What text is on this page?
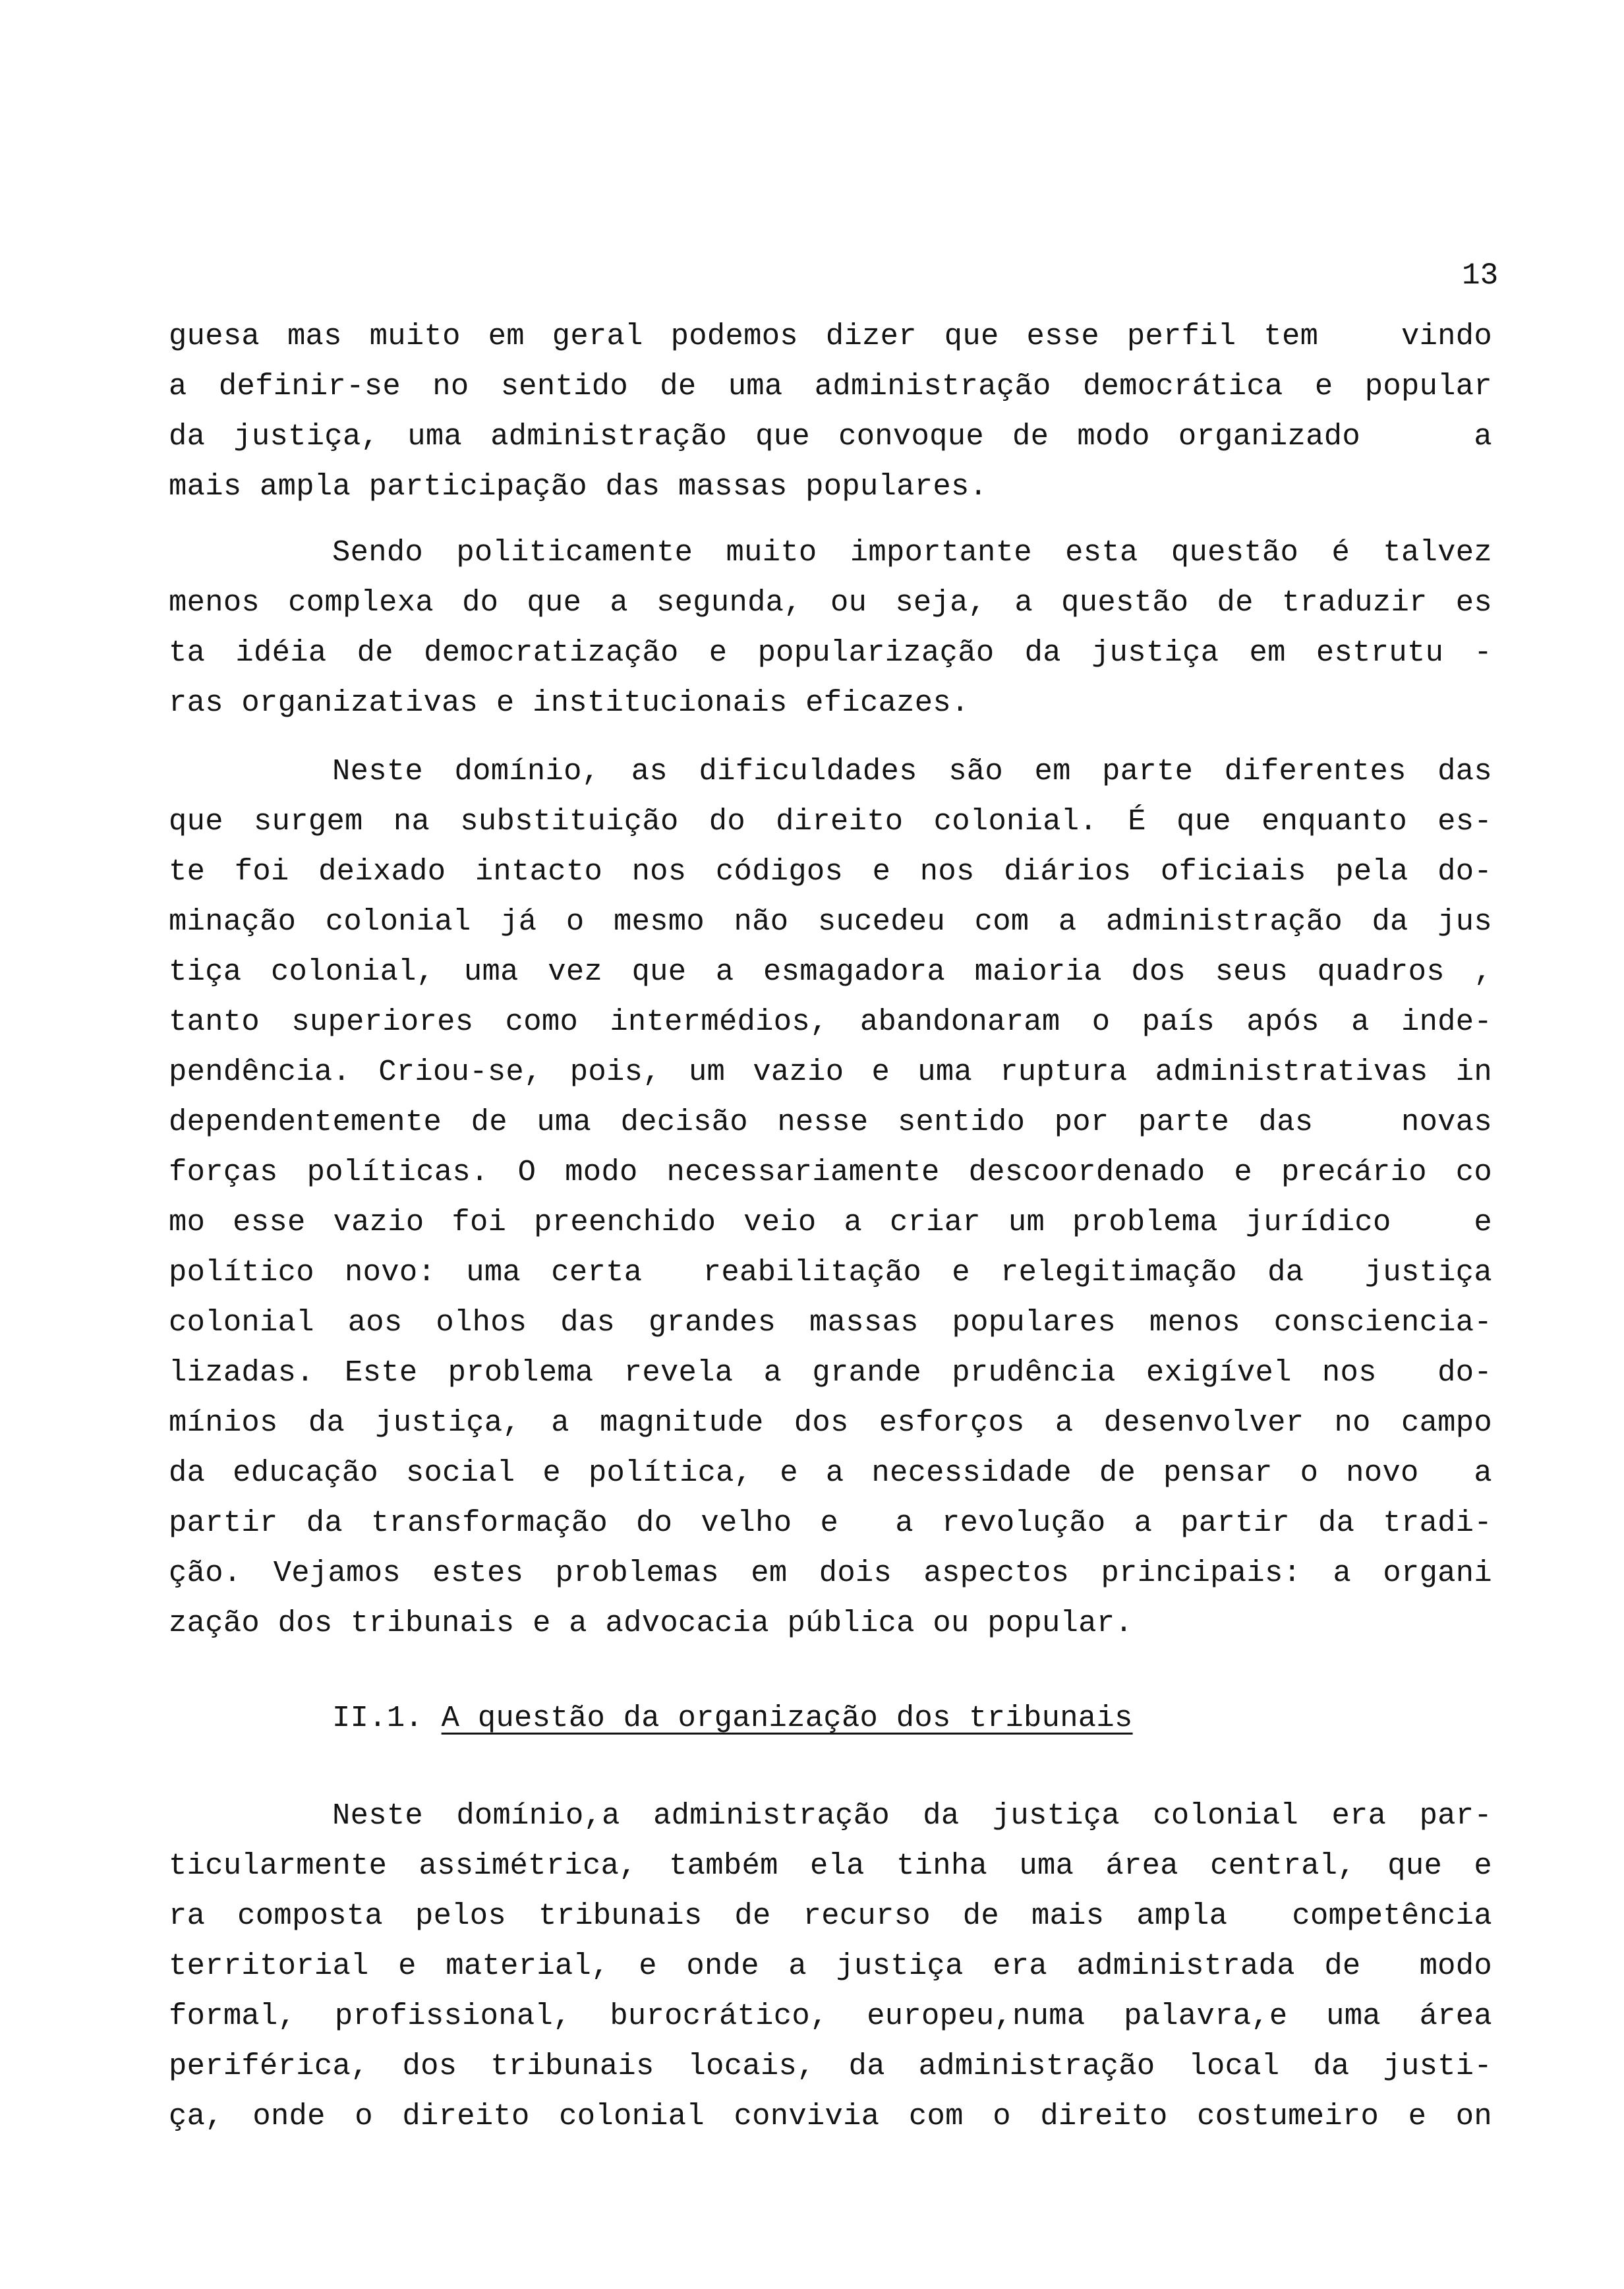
13
guesa mas muito em geral podemos dizer que esse perfil tem   vindo
a definir-se no sentido de uma administração democrática e popular
da justiça, uma administração que convoque de modo organizado    a
mais ampla participação das massas populares.
Sendo politicamente muito importante esta questão é talvez
menos complexa do que a segunda, ou seja, a questão de traduzir es
ta idéia de democratização e popularização da justiça em estrutu -
ras organizativas e institucionais eficazes.
Neste domínio, as dificuldades são em parte diferentes das
que surgem na substituição do direito colonial. É que enquanto es-
te foi deixado intacto nos códigos e nos diários oficiais pela do-
minação colonial já o mesmo não sucedeu com a administração da jus
tiça colonial, uma vez que a esmagadora maioria dos seus quadros ,
tanto superiores como intermédios, abandonaram o país após a inde-
pendência. Criou-se, pois, um vazio e uma ruptura administrativas in
dependentemente de uma decisão nesse sentido por parte das   novas
forças políticas. O modo necessariamente descoordenado e precário co
mo esse vazio foi preenchido veio a criar um problema jurídico   e
político novo: uma certa  reabilitação e relegitimação da  justiça
colonial aos olhos das grandes massas populares menos consciencia-
lizadas. Este problema revela a grande prudência exigível nos  do-
mínios da justiça, a magnitude dos esforços a desenvolver no campo
da educação social e política, e a necessidade de pensar o novo  a
partir da transformação do velho e  a revolução a partir da tradi-
ção. Vejamos estes problemas em dois aspectos principais: a organi
zação dos tribunais e a advocacia pública ou popular.
II.1. A questão da organização dos tribunais
Neste domínio,a administração da justiça colonial era par-
ticularmente assimétrica, também ela tinha uma área central, que e
ra composta pelos tribunais de recurso de mais ampla  competência
territorial e material, e onde a justiça era administrada de  modo
formal, profissional, burocrático, europeu,numa palavra,e uma área
periférica, dos tribunais locais, da administração local da justi-
ça, onde o direito colonial convivia com o direito costumeiro e on
